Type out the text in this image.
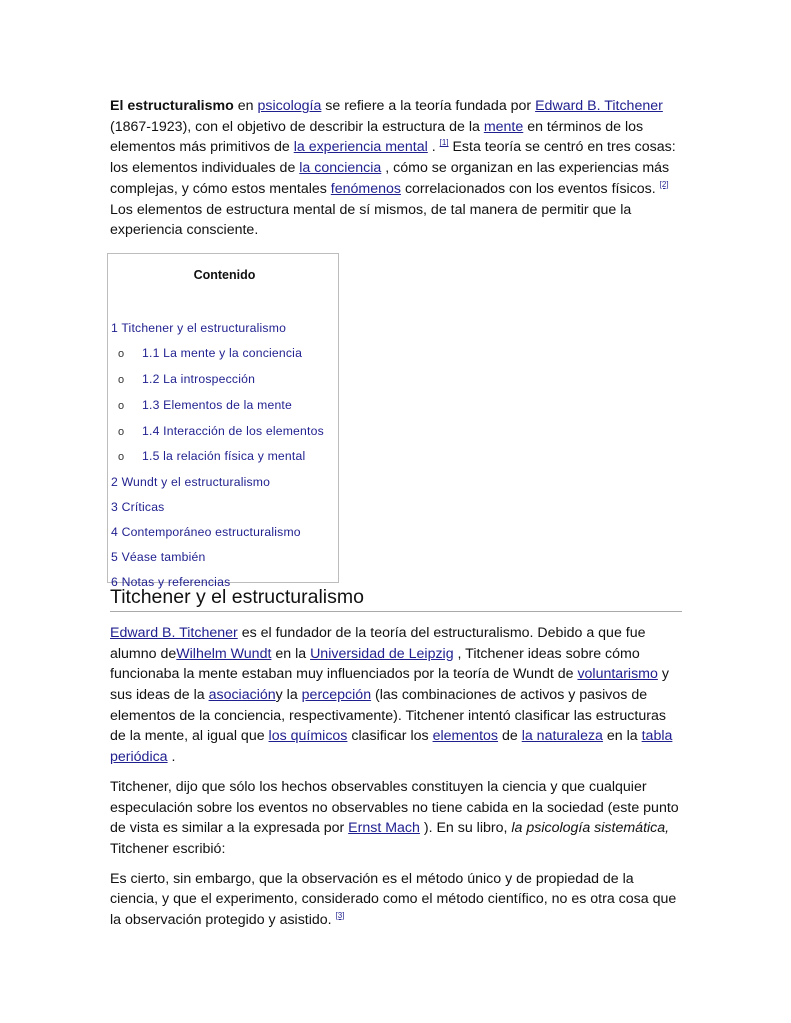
El estructuralismo en psicología se refiere a la teoría fundada por Edward B. Titchener (1867-1923), con el objetivo de describir la estructura de la mente en términos de los elementos más primitivos de la experiencia mental . [1] Esta teoría se centró en tres cosas: los elementos individuales de la conciencia , cómo se organizan en las experiencias más complejas, y cómo estos mentales fenómenos correlacionados con los eventos físicos. [2] Los elementos de estructura mental de sí mismos, de tal manera de permitir que la experiencia consciente.

Contenido
1 Titchener y el estructuralismo
o 1.1 La mente y la conciencia
o 1.2 La introspección
o 1.3 Elementos de la mente
o 1.4 Interacción de los elementos
o 1.5 la relación física y mental
2 Wundt y el estructuralismo
3 Críticas
4 Contemporáneo estructuralismo
5 Véase también
6 Notas y referencias
Titchener y el estructuralismo

Edward B. Titchener es el fundador de la teoría del estructuralismo. Debido a que fue alumno deWilhelm Wundt en la Universidad de Leipzig , Titchener ideas sobre cómo funcionaba la mente estaban muy influenciados por la teoría de Wundt de voluntarismo y sus ideas de la asociacióny la percepción (las combinaciones de activos y pasivos de elementos de la conciencia, respectivamente). Titchener intentó clasificar las estructuras de la mente, al igual que los químicos clasificar los elementos de la naturaleza en la tabla periódica .

Titchener, dijo que sólo los hechos observables constituyen la ciencia y que cualquier especulación sobre los eventos no observables no tiene cabida en la sociedad (este punto de vista es similar a la expresada por Ernst Mach ). En su libro, la psicología sistemática, Titchener escribió:

Es cierto, sin embargo, que la observación es el método único y de propiedad de la ciencia, y que el experimento, considerado como el método científico, no es otra cosa que la observación protegido y asistido. [3]
